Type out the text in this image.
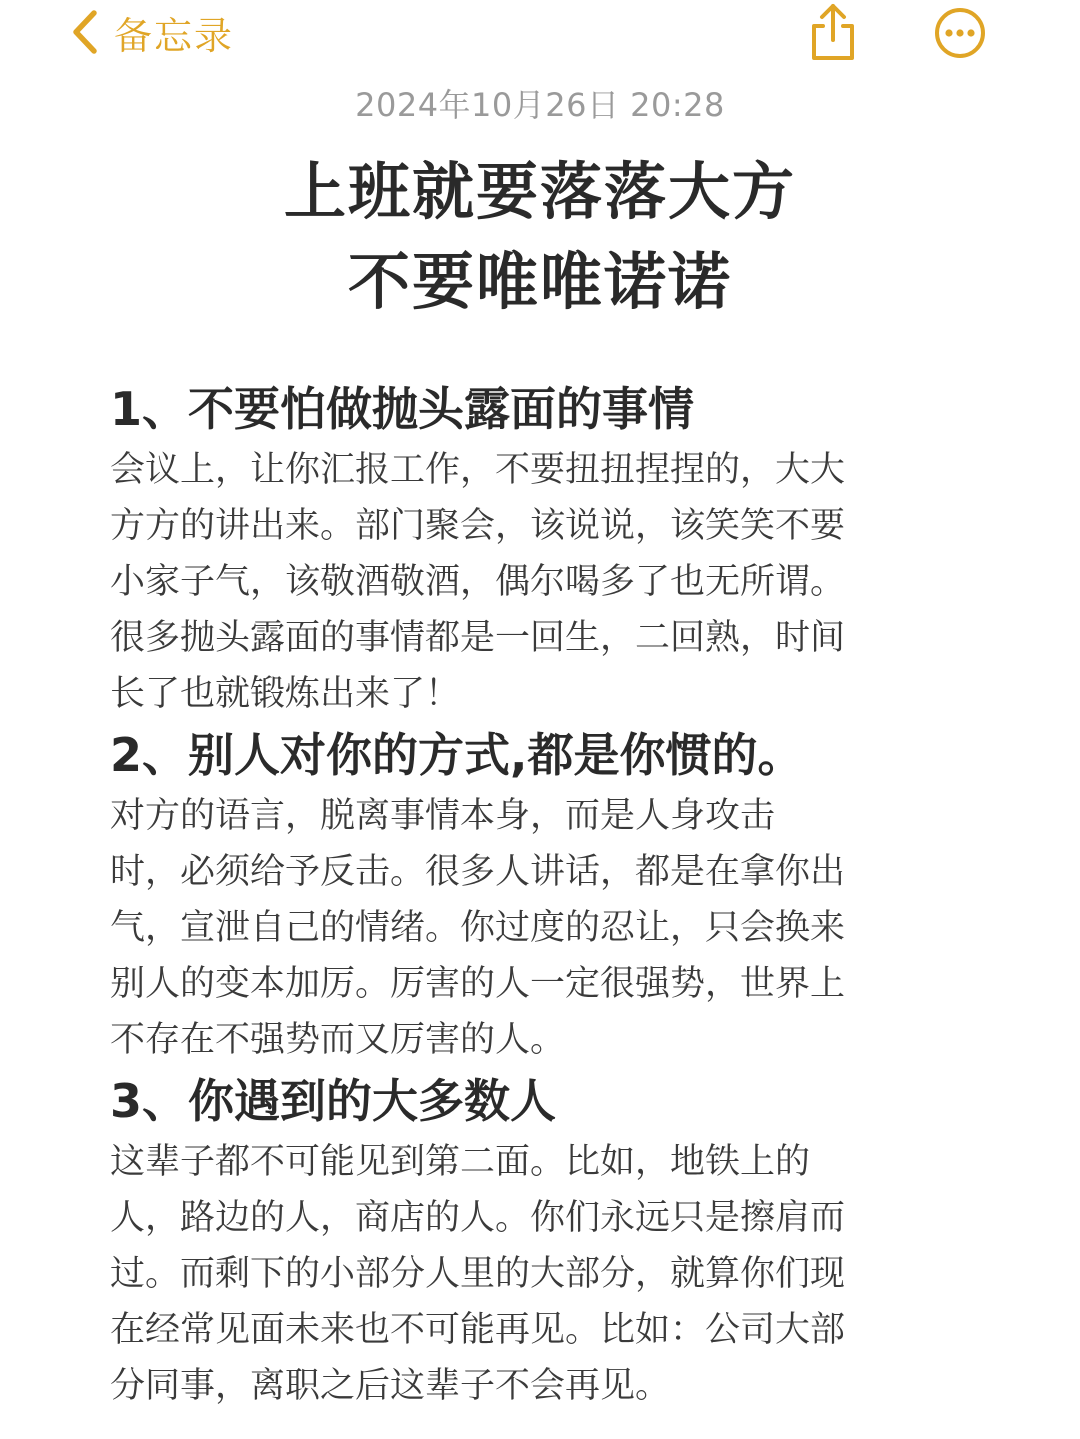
备忘录
2024年10月26日 20:28
上班就要落落大方
不要唯唯诺诺

1、不要怕做抛头露面的事情

会议上，让你汇报工作，不要扭扭捏捏的，大大
方方的讲出来。部门聚会，该说说，该笑笑不要
小家子气，该敬酒敬酒，偶尔喝多了也无所谓。
很多抛头露面的事情都是一回生，二回熟，时间
长了也就锻炼出来了！

2、别人对你的方式,都是你惯的。

对方的语言，脱离事情本身，而是人身攻击
时，必须给予反击。很多人讲话，都是在拿你出
气，宣泄自己的情绪。你过度的忍让，只会换来
别人的变本加厉。厉害的人一定很强势，世界上
不存在不强势而又厉害的人。

3、你遇到的大多数人

这辈子都不可能见到第二面。比如，地铁上的
人，路边的人，商店的人。你们永远只是擦肩而
过。而剩下的小部分人里的大部分，就算你们现
在经常见面未来也不可能再见。比如：公司大部
分同事，离职之后这辈子不会再见。
